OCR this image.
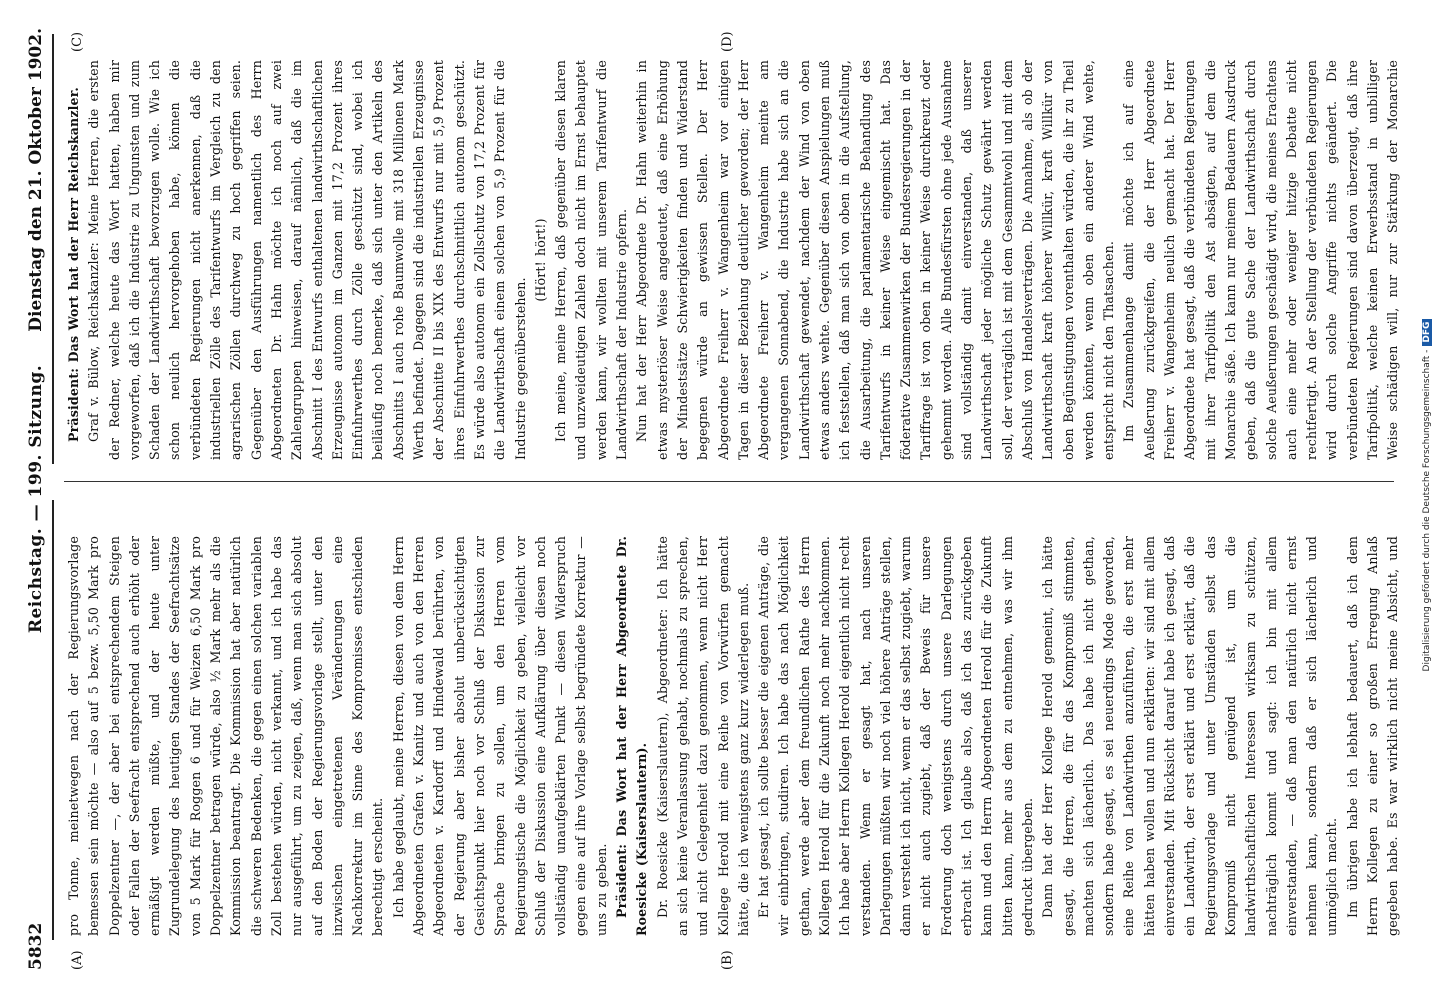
5832
Reichstag. — 199. Sitzung.
Dienstag den 21. Oktober 1902.
(A)	(B)
(C)	(D)

pro Tonne, meinetwegen nach der Regierungsvorlage bemessen sein möchte — also auf 5 bezw. 5,50 Mark pro Doppelzentner —, der aber bei entsprechendem Steigen oder Fallen der Seefracht entsprechend auch erhöht oder ermäßigt werden müßte, und der heute unter Zugrundelegung des heutigen Standes der Seefrachtsätze von 5 Mark für Roggen 6 und für Weizen 6,50 Mark pro Doppelzentner betragen würde, also ½ Mark mehr als die Kommission beantragt. Die Kommission hat aber natürlich die schweren Bedenken, die gegen einen solchen variablen Zoll bestehen würden, nicht verkannt, und ich habe das nur ausgeführt, um zu zeigen, daß, wenn man sich absolut auf den Boden der Regierungsvorlage stellt, unter den inzwischen eingetretenen Veränderungen eine Nachkorrektur im Sinne des Kompromisses entschieden berechtigt erscheint. Ich habe geglaubt, meine Herren, diesen von dem Herrn Abgeordneten Grafen v. Kanitz und auch von den Herren Abgeordneten v. Kardorff und Hindewald berührten, von der Regierung aber bisher absolut unberücksichtigten Gesichtspunkt hier noch vor Schluß der Diskussion zur Sprache bringen zu sollen, um den Herren vom Regierungstische die Möglichkeit zu geben, vielleicht vor Schluß der Diskussion eine Aufklärung über diesen noch vollständig unaufgeklärten Punkt — diesen Widerspruch gegen eine auf ihre Vorlage selbst begründete Korrektur — uns zu geben. Präsident: Das Wort hat der Herr Abgeordnete Dr. Roesicke (Kaiserslautern). Dr. Roesicke (Kaiserslautern), Abgeordneter: Ich hätte an sich keine Veranlassung gehabt, nochmals zu sprechen, und nicht Gelegenheit dazu genommen, wenn nicht Herr Kollege Herold mit eine Reihe von Vorwürfen gemacht hätte, die ich wenigstens ganz kurz widerlegen muß. Er hat gesagt, ich sollte besser die eigenen Anträge, die wir einbringen, studiren. Ich habe das nach Möglichkeit gethan, werde aber dem freundlichen Rathe des Herrn Kollegen Herold für die Zukunft noch mehr nachkommen. Ich habe aber Herrn Kollegen Herold eigentlich nicht recht verstanden. Wenn er gesagt hat, nach unseren Darlegungen müßten wir noch viel höhere Anträge stellen, dann versteht ich nicht, wenn er das selbst zugiebt, warum er nicht auch zugiebt, daß der Beweis für unsere Forderung doch wenigstens durch unsere Darlegungen erbracht ist. Ich glaube also, daß ich das zurückgeben kann und den Herrn Abgeordneten Herold für die Zukunft bitten kann, mehr aus dem zu entnehmen, was wir ihm gedruckt übergeben. Dann hat der Herr Kollege Herold gemeint, ich hätte gesagt, die Herren, die für das Kompromiß stimmten, machten sich lächerlich. Das habe ich nicht gethan, sondern habe gesagt, es sei neuerdings Mode geworden, eine Reihe von Landwirthen anzuführen, die erst mehr hätten haben wollen und nun erklärten: wir sind mit allem einverstanden. Mit Rücksicht darauf habe ich gesagt, daß ein Landwirth, der erst erklärt und erst erklärt, daß die Regierungsvorlage und unter Umständen selbst das Kompromiß nicht genügend ist, um die landwirthschaftlichen Interessen wirksam zu schützen, nachträglich kommt und sagt: ich bin mit allem einverstanden, — daß man den natürlich nicht ernst nehmen kann, sondern daß er sich lächerlich und unmöglich macht. Im übrigen habe ich lebhaft bedauert, daß ich dem Herrn Kollegen zu einer so großen Erregung Anlaß gegeben habe. Es war wirklich nicht meine Absicht, und

Präsident: Das Wort hat der Herr Reichskanzler. Graf v. Bülow, Reichskanzler: Meine Herren, die ersten der Redner, welche heute das Wort hatten, haben mir vorgeworfen, daß ich die Industrie zu Ungunsten und zum Schaden der Landwirthschaft bevorzugen wolle. Wie ich schon neulich hervorgehoben habe, können die verbündeten Regierungen nicht anerkennen, daß die industriellen Zölle des Tarifentwurfs im Vergleich zu den agrarischen Zöllen durchweg zu hoch gegriffen seien. Gegenüber den Ausführungen namentlich des Herrn Abgeordneten Dr. Hahn möchte ich noch auf zwei Zahlengruppen hinweisen, darauf nämlich, daß die im Abschnitt I des Entwurfs enthaltenen landwirthschaftlichen Erzeugnisse autonom im Ganzen mit 17,2 Prozent ihres Einfuhrwerthes durch Zölle geschützt sind, wobei ich beiläufig noch bemerke, daß sich unter den Artikeln des Abschnitts I auch rohe Baumwolle mit 318 Millionen Mark Werth befindet. Dagegen sind die industriellen Erzeugnisse der Abschnitte II bis XIX des Entwurfs nur mit 5,9 Prozent ihres Einfuhrwerthes durchschnittlich autonom geschützt. Es würde also autonom ein Zollschutz von 17,2 Prozent für die Landwirthschaft einem solchen von 5,9 Prozent für die Industrie gegenüberstehen.

(Hört! hört!) Ich meine, meine Herren, daß gegenüber diesen klaren und unzweideutigen Zahlen doch nicht im Ernst behauptet werden kann, wir wollten mit unserem Tarifentwurf die Landwirthschaft der Industrie opfern. Nun hat der Herr Abgeordnete Dr. Hahn weiterhin in etwas mysteriöser Weise angedeutet, daß eine Erhöhung der Mindestsätze Schwierigkeiten finden und Widerstand begegnen würde an gewissen Stellen. Der Herr Abgeordnete Freiherr v. Wangenheim war vor einigen Tagen in dieser Beziehung deutlicher geworden; der Herr Abgeordnete Freiherr v. Wangenheim meinte am vergangenen Sonnabend, die Industrie habe sich an die Landwirthschaft gewendet, nachdem der Wind von oben etwas anders wehte. Gegenüber diesen Anspielungen muß ich feststellen, daß man sich von oben in die Aufstellung, die Ausarbeitung, die parlamentarische Behandlung des Tarifentwurfs in keiner Weise eingemischt hat. Das föderative Zusammenwirken der Bundesregierungen in der Tariffrage ist von oben in keiner Weise durchkreuzt oder gehemmt worden. Alle Bundesfürsten ohne jede Ausnahme sind vollständig damit einverstanden, daß unserer Landwirthschaft jeder mögliche Schutz gewährt werden soll, der verträglich ist mit dem Gesammtwohl und mit dem Abschluß von Handelsverträgen. Die Annahme, als ob der Landwirthschaft kraft höherer Willkür, kraft Willkür von oben Begünstigungen vorenthalten würden, die ihr zu Theil werden könnten, wenn oben ein anderer Wind wehte, entspricht nicht den Thatsachen. Im Zusammenhange damit möchte ich auf eine Aeußerung zurückgreifen, die der Herr Abgeordnete Freiherr v. Wangenheim neulich gemacht hat. Der Herr Abgeordnete hat gesagt, daß die verbündeten Regierungen mit ihrer Tarifpolitik den Ast absägten, auf dem die Monarchie säße. Ich kann nur meinem Bedauern Ausdruck geben, daß die gute Sache der Landwirthschaft durch solche Aeußerungen geschädigt wird, die meines Erachtens auch eine mehr oder weniger hitzige Debatte nicht rechtfertigt. An der Stellung der verbündeten Regierungen wird durch solche Angriffe nichts geändert. Die verbündeten Regierungen sind davon überzeugt, daß ihre Tarifpolitik, welche keinen Erwerbsstand in unbilliger Weise schädigen will, nur zur Stärkung der Monarchie

Digitalisierung gefördert durch die Deutsche Forschungsgemeinschaft -DFG
